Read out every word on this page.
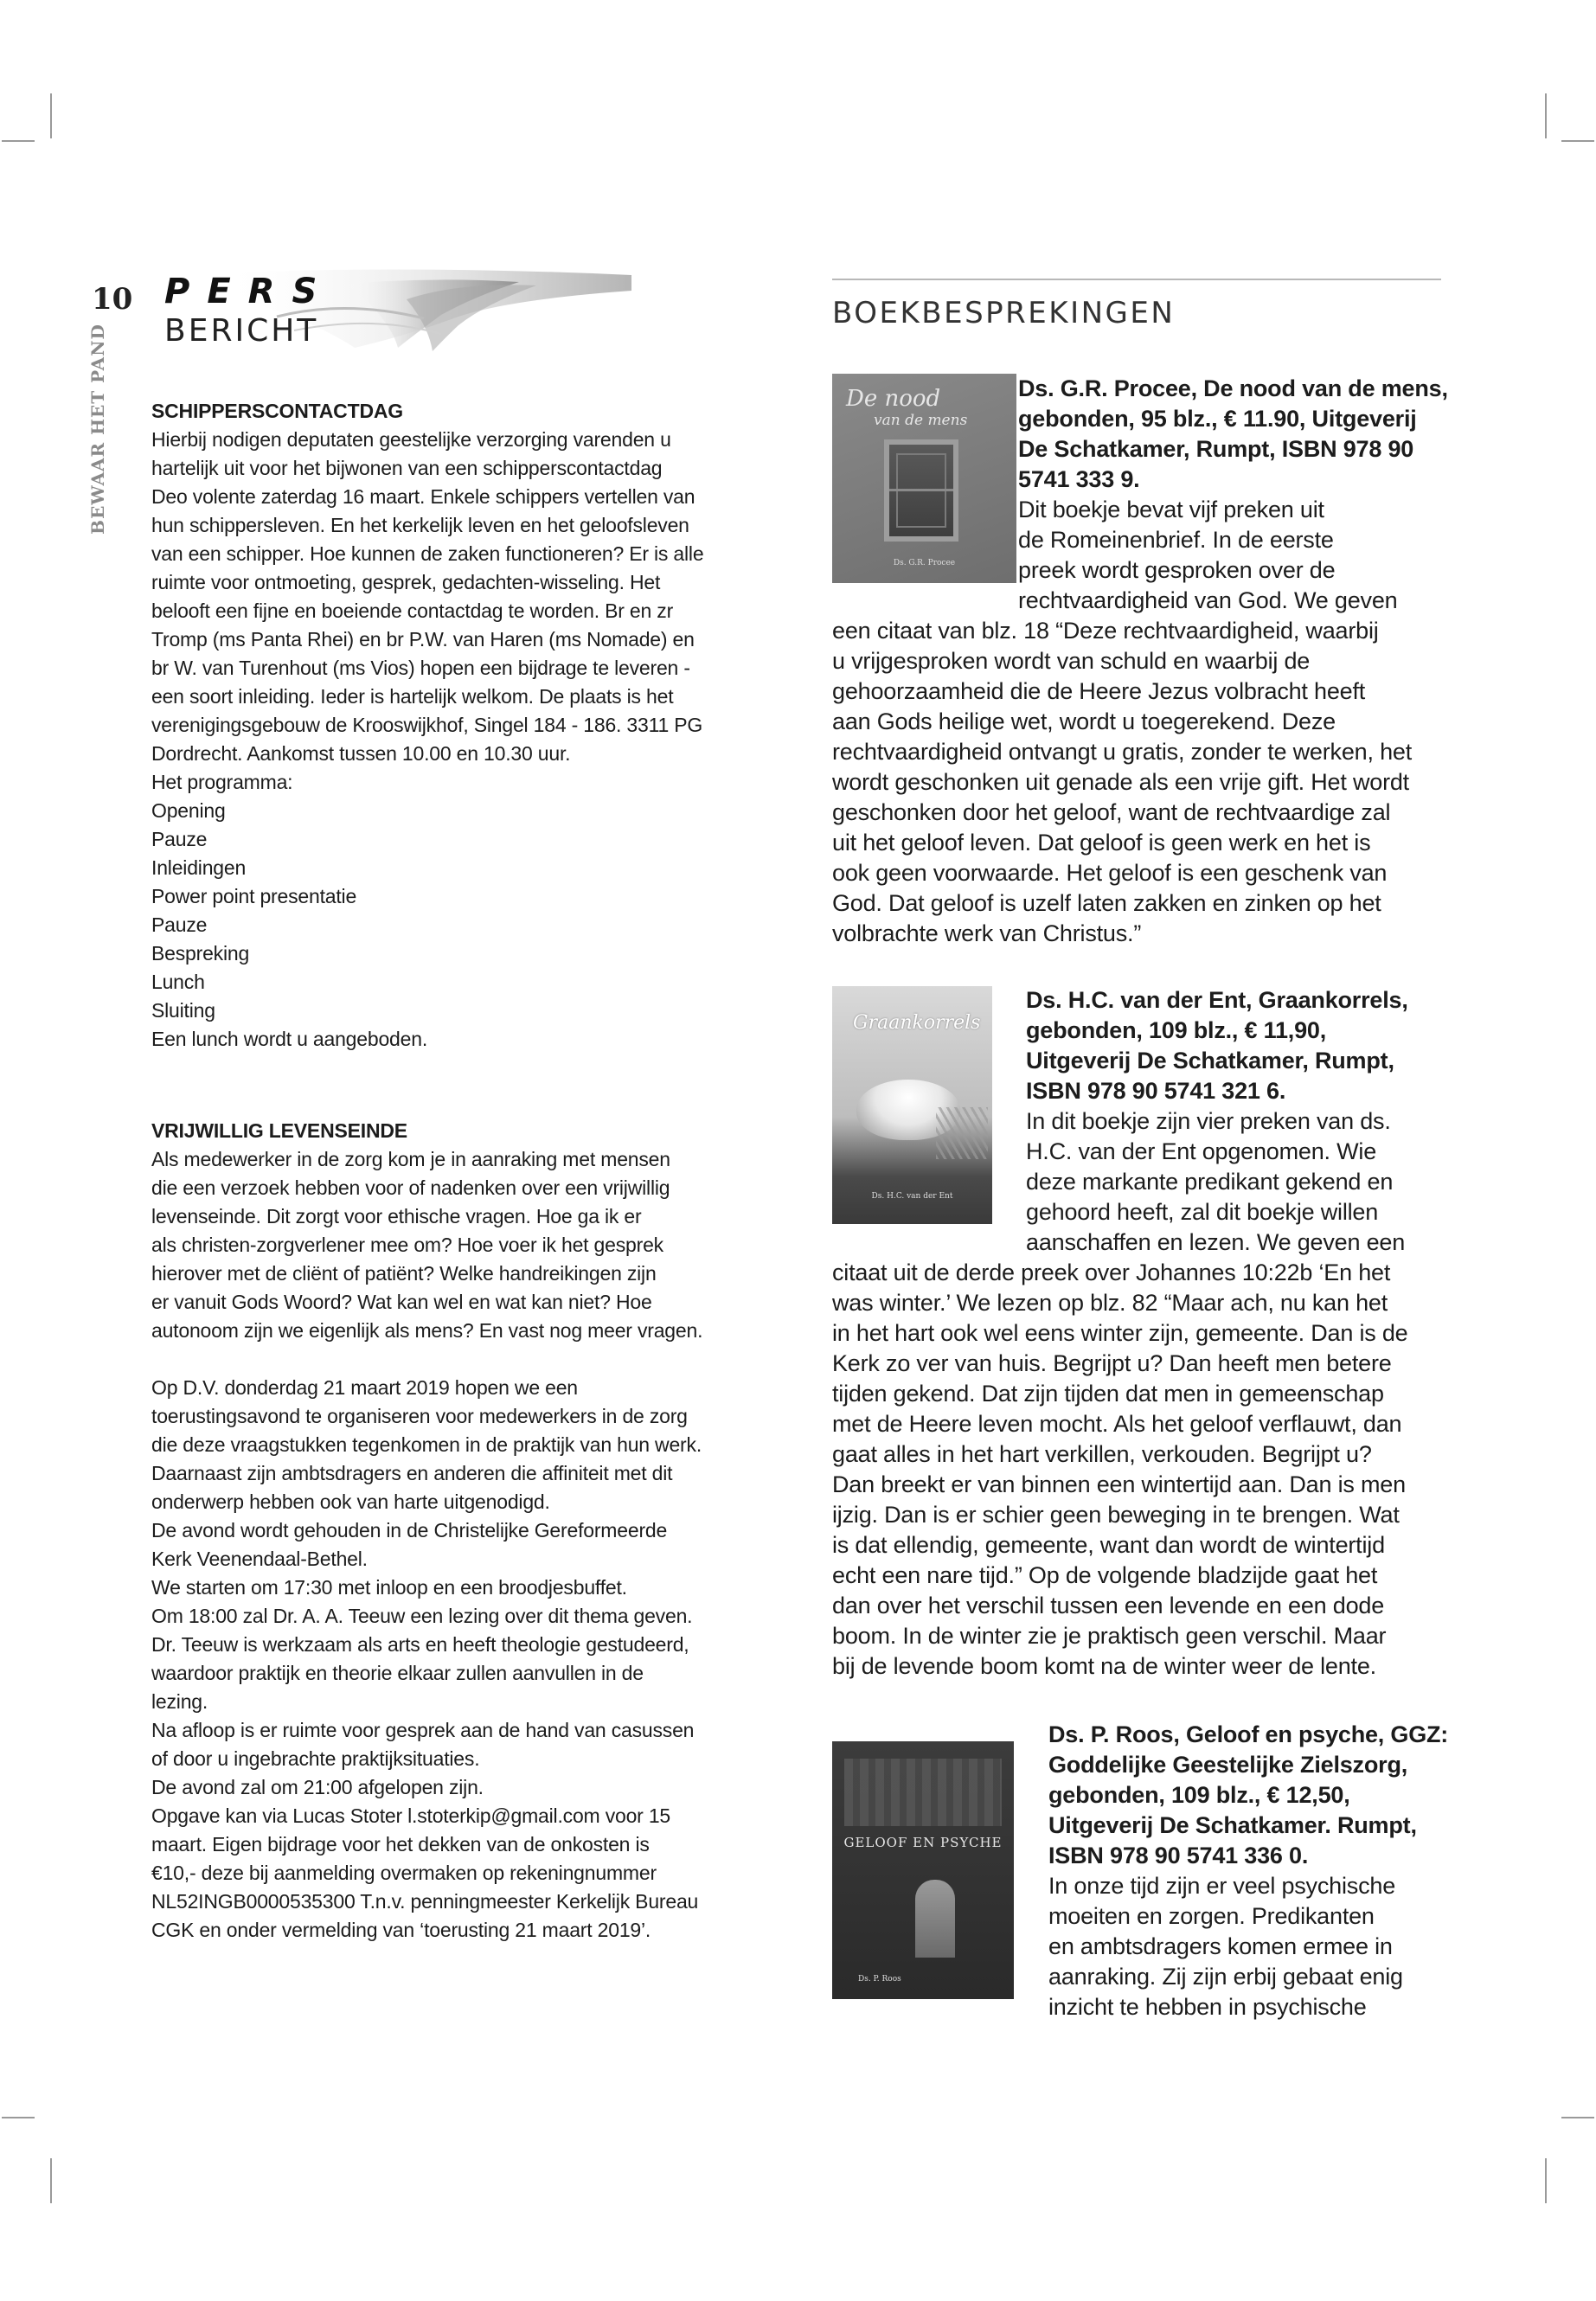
10
BEWAAR HET PAND
PERS
BERICHT
SCHIPPERSCONTACTDAG
Hierbij nodigen deputaten geestelijke verzorging varenden u
hartelijk uit voor het bijwonen van een schipperscontactdag
Deo volente zaterdag 16 maart. Enkele schippers vertellen van
hun schippersleven. En het kerkelijk leven en het geloofsleven
van een schipper. Hoe kunnen de zaken functioneren? Er is alle
ruimte voor ontmoeting, gesprek, gedachten-wisseling. Het
belooft een fijne en boeiende contactdag te worden. Br en zr
Tromp (ms Panta Rhei) en br P.W. van Haren (ms Nomade) en
br W. van Turenhout (ms Vios) hopen een bijdrage te leveren -
een soort inleiding. Ieder is hartelijk welkom. De plaats is het
verenigingsgebouw de Krooswijkhof, Singel 184 - 186. 3311 PG
Dordrecht. Aankomst tussen 10.00 en 10.30 uur.
Het programma:
Opening
Pauze
Inleidingen
Power point presentatie
Pauze
Bespreking
Lunch
Sluiting
Een lunch wordt u aangeboden.
VRIJWILLIG LEVENSEINDE
Als medewerker in de zorg kom je in aanraking met mensen
die een verzoek hebben voor of nadenken over een vrijwillig
levenseinde. Dit zorgt voor ethische vragen. Hoe ga ik er
als christen-zorgverlener mee om? Hoe voer ik het gesprek
hierover met de cliënt of patiënt? Welke handreikingen zijn
er vanuit Gods Woord? Wat kan wel en wat kan niet? Hoe
autonoom zijn we eigenlijk als mens? En vast nog meer vragen.
Op D.V. donderdag 21 maart 2019 hopen we een
toerustingsavond te organiseren voor medewerkers in de zorg
die deze vraagstukken tegenkomen in de praktijk van hun werk.
Daarnaast zijn ambtsdragers en anderen die affiniteit met dit
onderwerp hebben ook van harte uitgenodigd.
De avond wordt gehouden in de Christelijke Gereformeerde
Kerk Veenendaal-Bethel.
We starten om 17:30 met inloop en een broodjesbuffet.
Om 18:00 zal Dr. A. A. Teeuw een lezing over dit thema geven.
Dr. Teeuw is werkzaam als arts en heeft theologie gestudeerd,
waardoor praktijk en theorie elkaar zullen aanvullen in de
lezing.
Na afloop is er ruimte voor gesprek aan de hand van casussen
of door u ingebrachte praktijksituaties.
De avond zal om 21:00 afgelopen zijn.
Opgave kan via Lucas Stoter l.stoterkip@gmail.com voor 15
maart. Eigen bijdrage voor het dekken van de onkosten is
€10,- deze bij aanmelding overmaken op rekeningnummer
NL52INGB0000535300 T.n.v. penningmeester Kerkelijk Bureau
CGK en onder vermelding van ‘toerusting 21 maart 2019’.
BOEKBESPREKINGEN
De nood
van de mens
Ds. G.R. Procee
Ds. G.R. Procee, De nood van de mens,
gebonden, 95 blz., € 11.90, Uitgeverij
De Schatkamer, Rumpt, ISBN 978 90
5741 333 9.
Dit boekje bevat vijf preken uit
de Romeinenbrief. In de eerste
preek wordt gesproken over de
rechtvaardigheid van God. We geven
een citaat van blz. 18 “Deze rechtvaardigheid, waarbij
u vrijgesproken wordt van schuld en waarbij de
gehoorzaamheid die de Heere Jezus volbracht heeft
aan Gods heilige wet, wordt u toegerekend. Deze
rechtvaardigheid ontvangt u gratis, zonder te werken, het
wordt geschonken uit genade als een vrije gift. Het wordt
geschonken door het geloof, want de rechtvaardige zal
uit het geloof leven. Dat geloof is geen werk en het is
ook geen voorwaarde. Het geloof is een geschenk van
God. Dat geloof is uzelf laten zakken en zinken op het
volbrachte werk van Christus.”
Graankorrels
Ds. H.C. van der Ent
Ds. H.C. van der Ent, Graankorrels,
gebonden, 109 blz., € 11,90,
Uitgeverij De Schatkamer, Rumpt,
ISBN 978 90 5741 321 6.
In dit boekje zijn vier preken van ds.
H.C. van der Ent opgenomen. Wie
deze markante predikant gekend en
gehoord heeft, zal dit boekje willen
aanschaffen en lezen. We geven een
citaat uit de derde preek over Johannes 10:22b ‘En het
was winter.’ We lezen op blz. 82 “Maar ach, nu kan het
in het hart ook wel eens winter zijn, gemeente. Dan is de
Kerk zo ver van huis. Begrijpt u? Dan heeft men betere
tijden gekend. Dat zijn tijden dat men in gemeenschap
met de Heere leven mocht. Als het geloof verflauwt, dan
gaat alles in het hart verkillen, verkouden. Begrijpt u?
Dan breekt er van binnen een wintertijd aan. Dan is men
ijzig. Dan is er schier geen beweging in te brengen. Wat
is dat ellendig, gemeente, want dan wordt de wintertijd
echt een nare tijd.” Op de volgende bladzijde gaat het
dan over het verschil tussen een levende en een dode
boom. In de winter zie je praktisch geen verschil. Maar
bij de levende boom komt na de winter weer de lente.
GELOOF EN PSYCHE
Ds. P. Roos
Ds. P. Roos, Geloof en psyche, GGZ:
Goddelijke Geestelijke Zielszorg,
gebonden, 109 blz., € 12,50,
Uitgeverij De Schatkamer. Rumpt,
ISBN 978 90 5741 336 0.
In onze tijd zijn er veel psychische
moeiten en zorgen. Predikanten
en ambtsdragers komen ermee in
aanraking. Zij zijn erbij gebaat enig
inzicht te hebben in psychische
